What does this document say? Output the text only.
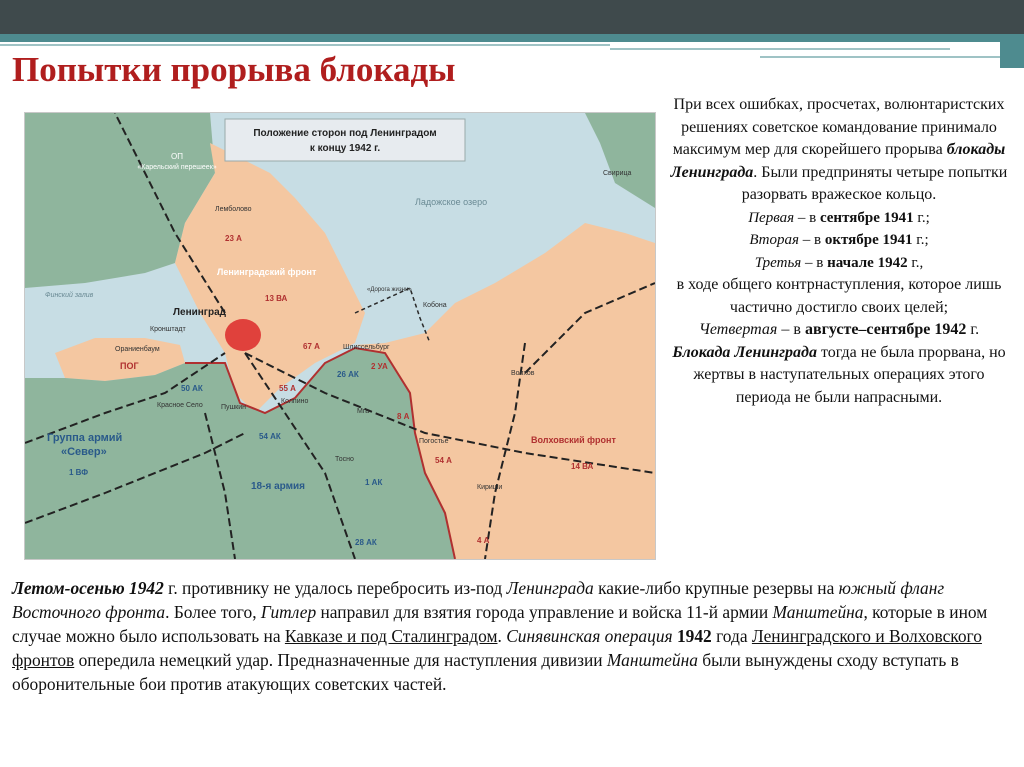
Попытки прорыва блокады
Положение сторон под Ленинградом
к концу 1942 г.
ОП
«Карельский перешеек»
Лемболово
23 А
Ленинградский фронт
Финский залив
Ленинград
13 ВА
Кронштадт
Ораниенбаум
ПОГ
67 А
Ладожское озеро
Свирица
Кобона
«Дорога жизни»
Шлиссельбург
26 АК
2 УА
55 А
8 А
50 АК
Красное Село	Пушкин
Колпино
54 АК
Мга
Погостье
Волхов
Волховский фронт
14 ВА
Группа армий
«Север»
1 ВФ
18-я армия	1 АК
Тосно	54 А
Кириши
28 АК	4 А

При всех ошибках, просчетах, волюнтаристских решениях советское командование принимало максимум мер для скорейшего прорыва блокады Ленинграда. Были предприняты четыре попытки разорвать вражеское кольцо.

Первая – в сентябре 1941 г.;

Вторая – в октябре 1941 г.;

Третья – в начале 1942 г.,

в ходе общего контрнаступления, которое лишь частично достигло своих целей;

Четвертая – в августе–сентябре 1942 г.

Блокада Ленинграда тогда не была прорвана, но жертвы в наступательных операциях этого периода не были напрасными.

Летом-осенью 1942 г. противнику не удалось перебросить из-под Ленинграда какие-либо крупные резервы на южный фланг Восточного фронта. Более того, Гитлер направил для взятия города управление и войска 11-й армии Манштейна, которые в ином случае можно было использовать на Кавказе и под Сталинградом. Синявинская операция 1942 года Ленинградского и Волховского фронтов опередила немецкий удар. Предназначенные для наступления дивизии Манштейна были вынуждены сходу вступать в оборонительные бои против атакующих советских частей.
